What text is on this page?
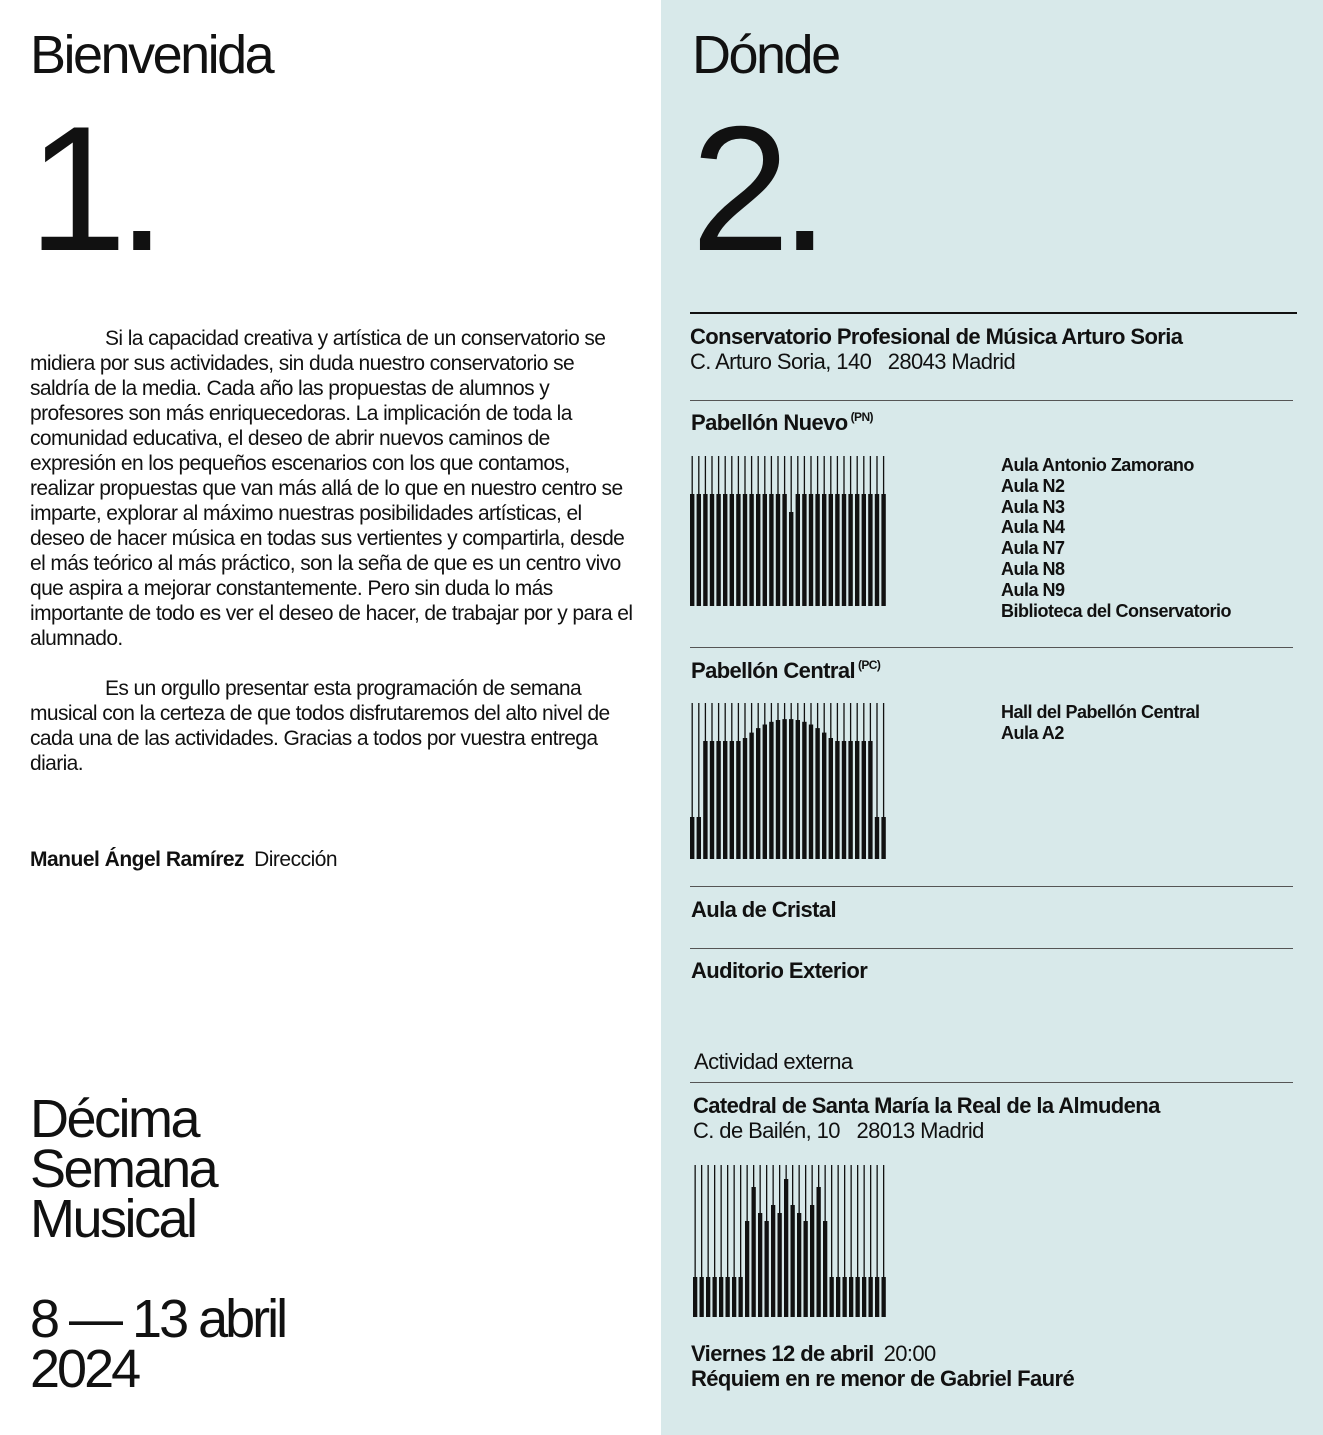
Bienvenida
1.

Si la capacidad creativa y artística de un conservatorio se midiera por sus actividades, sin duda nuestro conservatorio se saldría de la media. Cada año las propuestas de alumnos y profesores son más enriquecedoras. La implicación de toda la comunidad educativa, el deseo de abrir nuevos caminos de expresión en los pequeños escenarios con los que contamos, realizar propuestas que van más allá de lo que en nuestro centro se imparte, explorar al máximo nuestras posibilidades artísticas, el deseo de hacer música en todas sus vertientes y compartirla, desde el más teórico al más práctico, son la seña de que es un centro vivo que aspira a mejorar constantemente. Pero sin duda lo más importante de todo es ver el deseo de hacer, de trabajar por y para el alumnado.

Es un orgullo presentar esta programación de semana musical con la certeza de que todos disfrutaremos del alto nivel de cada una de las actividades. Gracias a todos por vuestra entrega diaria.

Manuel Ángel Ramírez Dirección
Décima
Semana
Musical
8 — 13 abril
2024
Dónde
2.
Conservatorio Profesional de Música Arturo Soria
C. Arturo Soria, 140   28043 Madrid
Pabellón Nuevo $^{(PN)}$
Aula Antonio Zamorano
Aula N2
Aula N3
Aula N4
Aula N7
Aula N8
Aula N9
Biblioteca del Conservatorio
Pabellón Central $^{(PC)}$
Hall del Pabellón Central
Aula A2
Aula de Cristal
Auditorio Exterior
Actividad externa
Catedral de Santa María la Real de la Almudena
C. de Bailén, 10   28013 Madrid
Viernes 12 de abril 20:00
Réquiem en re menor de Gabriel Fauré
